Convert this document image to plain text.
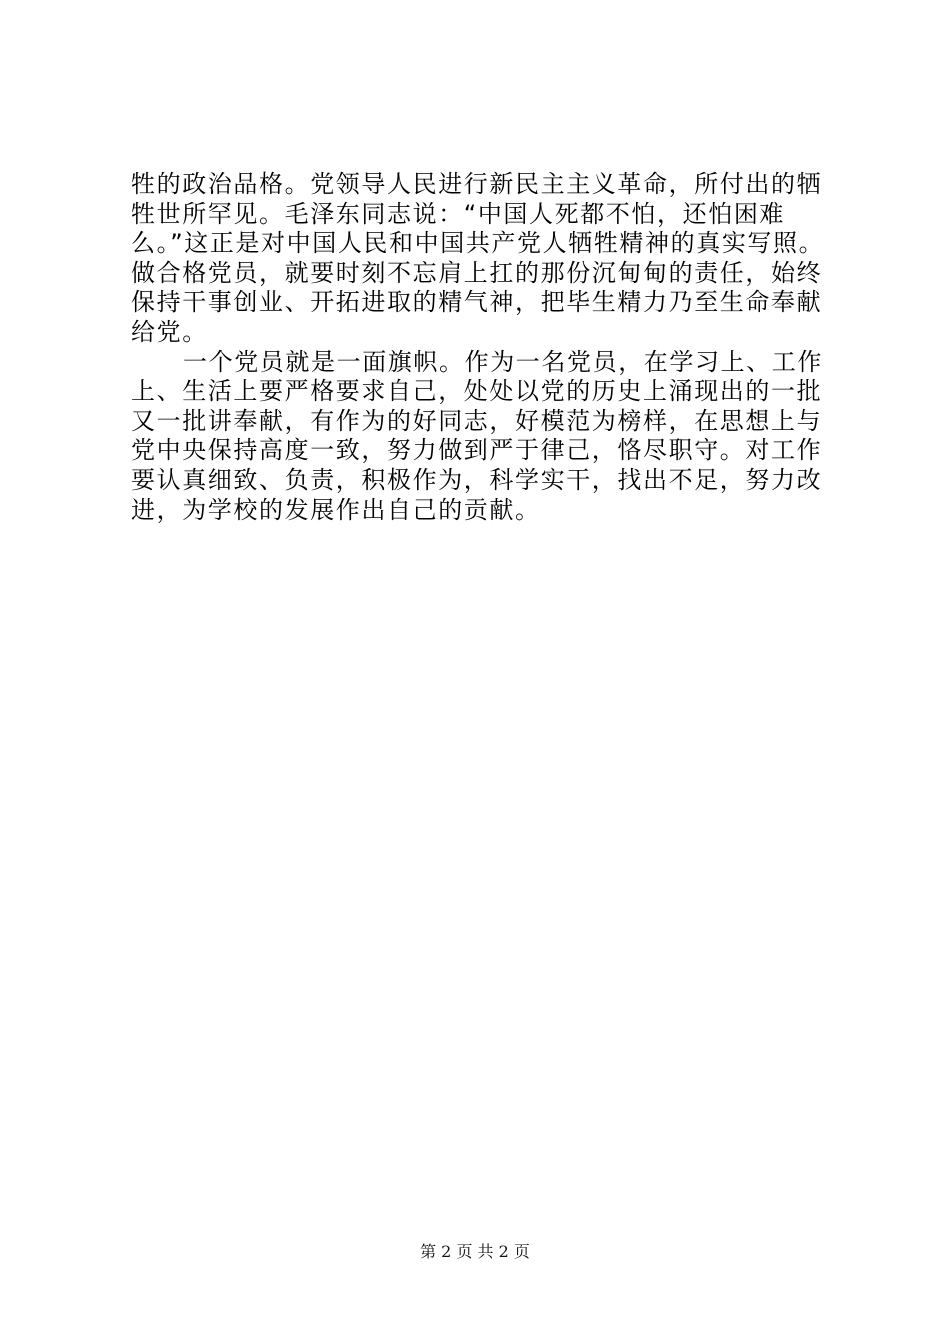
牲的政治品格。党领导人民进行新民主主义革命，所付出的牺
牲世所罕见。毛泽东同志说：“中国人死都不怕，还怕困难
么。”这正是对中国人民和中国共产党人牺牲精神的真实写照。
做合格党员，就要时刻不忘肩上扛的那份沉甸甸的责任，始终
保持干事创业、开拓进取的精气神，把毕生精力乃至生命奉献
给党。
一个党员就是一面旗帜。作为一名党员，在学习上、工作
上、生活上要严格要求自己，处处以党的历史上涌现出的一批
又一批讲奉献，有作为的好同志，好模范为榜样，在思想上与
党中央保持高度一致，努力做到严于律己，恪尽职守。对工作
要认真细致、负责，积极作为，科学实干，找出不足，努力改
进，为学校的发展作出自己的贡献。
第 2 页 共 2 页
